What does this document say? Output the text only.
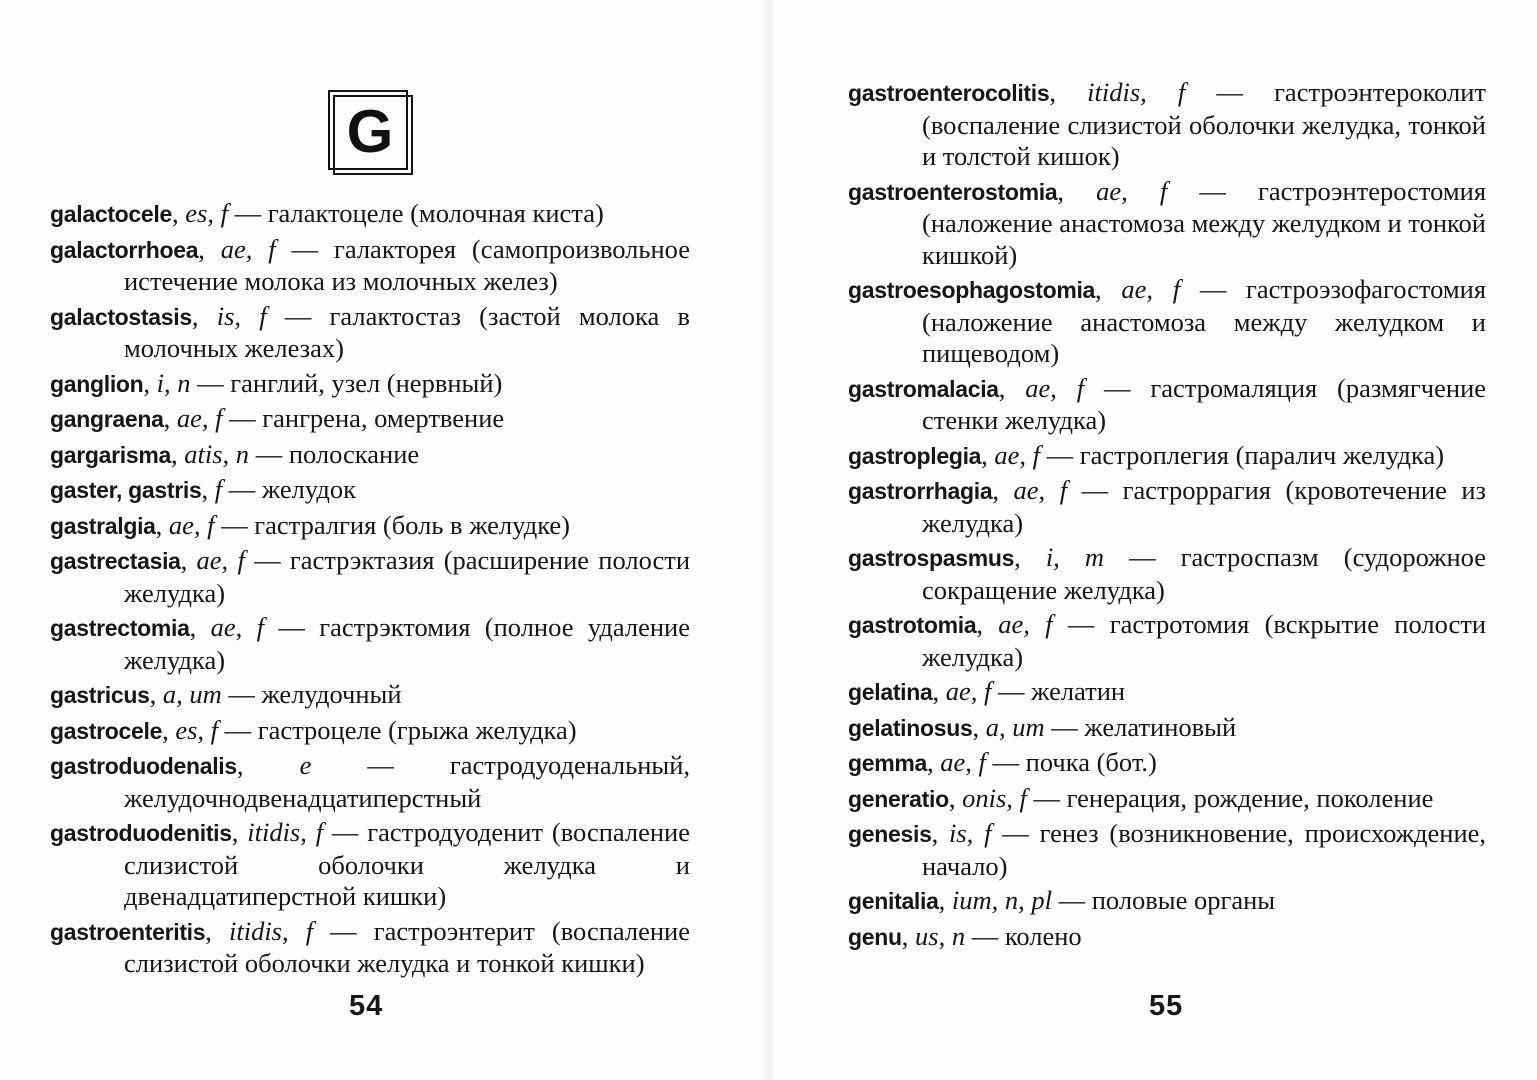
G
galactocele, es, f — галактоцеле (молочная киста)
galactorrhoea, ae, f — галакторея (самопроизвольное истечение молока из молочных желез)
galactostasis, is, f — галактостаз (застой молока в молочных железах)
ganglion, i, n — ганглий, узел (нервный)
gangraena, ae, f — гангрена, омертвение
gargarisma, atis, n — полоскание
gaster, gastris, f — желудок
gastralgia, ae, f — гастралгия (боль в желудке)
gastrectasia, ae, f — гастрэктазия (расширение полости желудка)
gastrectomia, ae, f — гастрэктомия (полное удаление желудка)
gastricus, a, um — желудочный
gastrocele, es, f — гастроцеле (грыжа желудка)
gastroduodenalis, e — гастродуоденальный, желудочнодвенадцатиперстный
gastroduodenitis, itidis, f — гастродуоденит (воспаление слизистой оболочки желудка и двенадцатиперстной кишки)
gastroenteritis, itidis, f — гастроэнтерит (воспаление слизистой оболочки желудка и тонкой кишки)
54
gastroenterocolitis, itidis, f — гастроэнтероколит (воспаление слизистой оболочки желудка, тонкой и толстой кишок)
gastroenterostomia, ae, f — гастроэнтеростомия (наложение анастомоза между желудком и тонкой кишкой)
gastroesophagostomia, ae, f — гастроэзофагостомия (наложение анастомоза между желудком и пищеводом)
gastromalacia, ae, f — гастромаляция (размягчение стенки желудка)
gastroplegia, ae, f — гастроплегия (паралич желудка)
gastrorrhagia, ae, f — гастроррагия (кровотечение из желудка)
gastrospasmus, i, m — гастроспазм (судорожное сокращение желудка)
gastrotomia, ae, f — гастротомия (вскрытие полости желудка)
gelatina, ae, f — желатин
gelatinosus, a, um — желатиновый
gemma, ae, f — почка (бот.)
generatio, onis, f — генерация, рождение, поколение
genesis, is, f — генез (возникновение, происхождение, начало)
genitalia, ium, n, pl — половые органы
genu, us, n — колено
55
